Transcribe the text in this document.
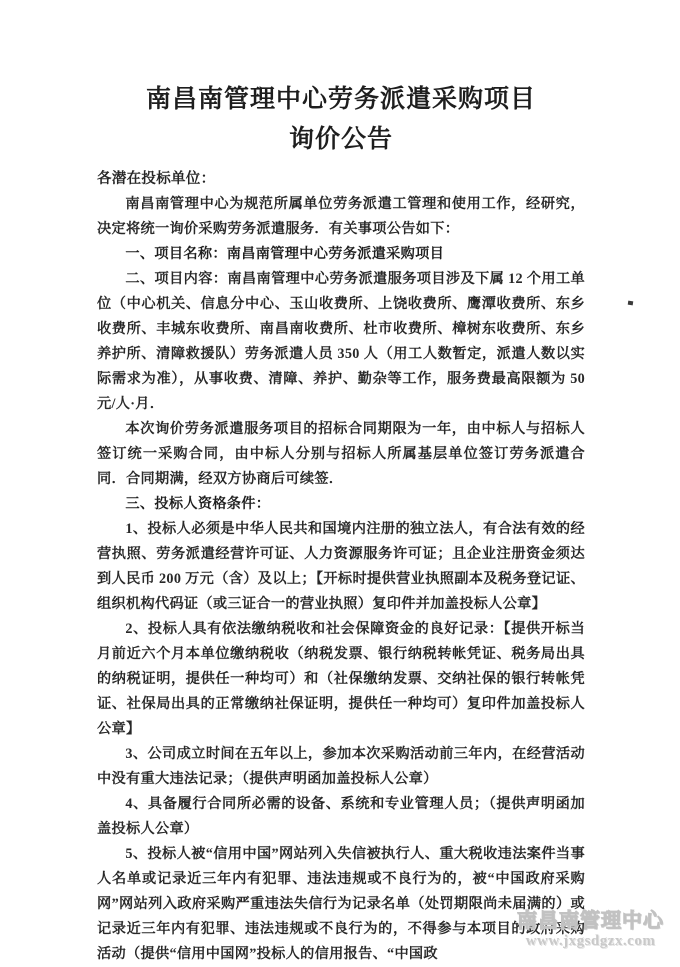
南昌南管理中心劳务派遣采购项目
询价公告
各潜在投标单位：

南昌南管理中心为规范所属单位劳务派遣工管理和使用工作，经研究，决定将统一询价采购劳务派遣服务．有关事项公告如下：

一、项目名称：南昌南管理中心劳务派遣采购项目

二、项目内容：南昌南管理中心劳务派遣服务项目涉及下属 12 个用工单位（中心机关、信息分中心、玉山收费所、上饶收费所、鹰潭收费所、东乡收费所、丰城东收费所、南昌南收费所、杜市收费所、樟树东收费所、东乡养护所、清障救援队）劳务派遣人员 350 人（用工人数暂定，派遣人数以实际需求为准），从事收费、清障、养护、勤杂等工作，服务费最高限额为 50 元/人·月．

本次询价劳务派遣服务项目的招标合同期限为一年，由中标人与招标人签订统一采购合同，由中标人分别与招标人所属基层单位签订劳务派遣合同．合同期满，经双方协商后可续签．

三、投标人资格条件：

1、投标人必须是中华人民共和国境内注册的独立法人，有合法有效的经营执照、劳务派遣经营许可证、人力资源服务许可证；且企业注册资金须达到人民币 200 万元（含）及以上；【开标时提供营业执照副本及税务登记证、组织机构代码证（或三证合一的营业执照）复印件并加盖投标人公章】

2、投标人具有依法缴纳税收和社会保障资金的良好记录：【提供开标当月前近六个月本单位缴纳税收（纳税发票、银行纳税转帐凭证、税务局出具的纳税证明，提供任一种均可）和（社保缴纳发票、交纳社保的银行转帐凭证、社保局出具的正常缴纳社保证明，提供任一种均可）复印件加盖投标人公章】

3、公司成立时间在五年以上，参加本次采购活动前三年内，在经营活动中没有重大违法记录；（提供声明函加盖投标人公章）

4、具备履行合同所必需的设备、系统和专业管理人员；（提供声明函加盖投标人公章）

5、投标人被“信用中国”网站列入失信被执行人、重大税收违法案件当事人名单或记录近三年内有犯罪、违法违规或不良行为的，被“中国政府采购网”网站列入政府采购严重违法失信行为记录名单（处罚期限尚未届满的）或记录近三年内有犯罪、违法违规或不良行为的，不得参与本项目的政府采购活动（提供“信用中国网”投标人的信用报告、“中国政

南昌南管理中心
www.jxgsdgzx.com
